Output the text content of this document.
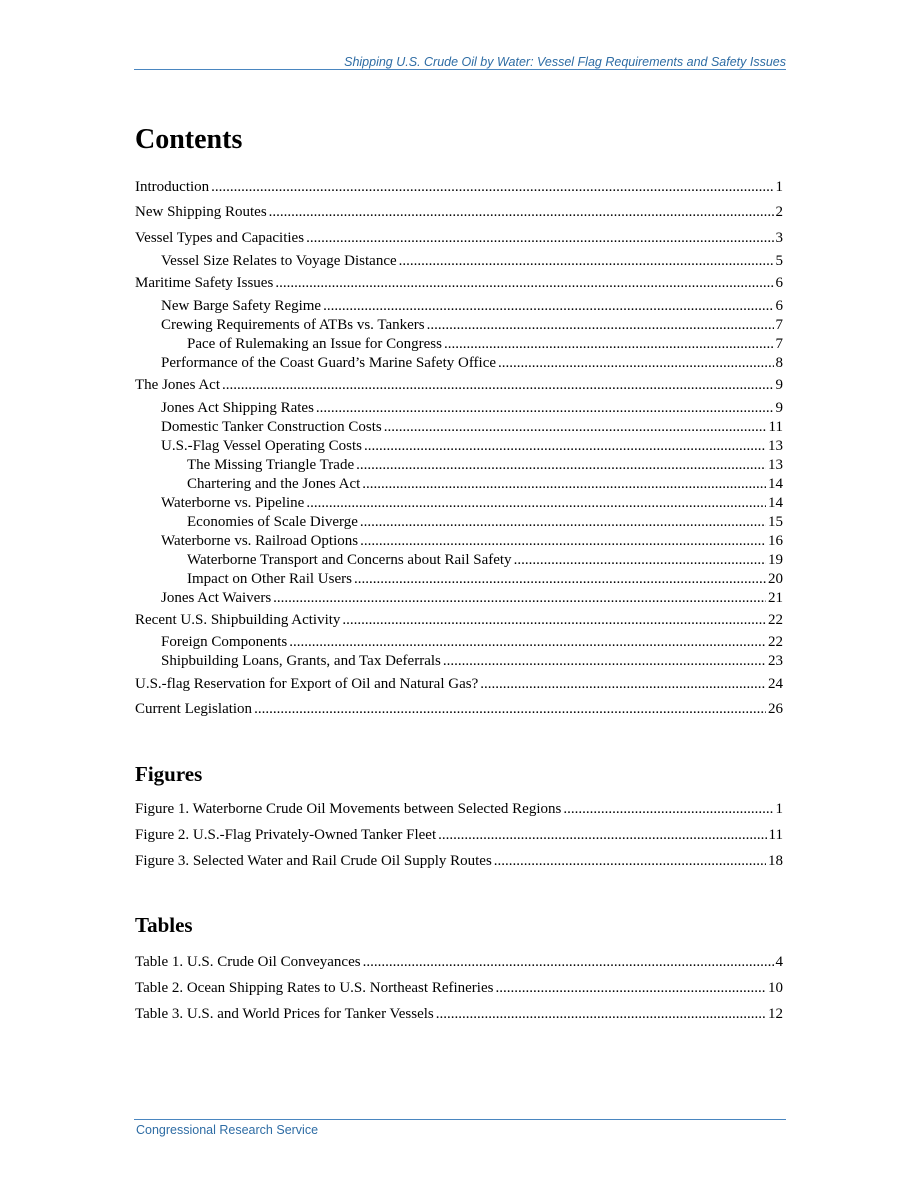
Shipping U.S. Crude Oil by Water: Vessel Flag Requirements and Safety Issues
Contents
Introduction .....	1
New Shipping Routes .....	2
Vessel Types and Capacities .....	3
Vessel Size Relates to Voyage Distance .....	5
Maritime Safety Issues .....	6
New Barge Safety Regime .....	6
Crewing Requirements of ATBs vs. Tankers .....	7
Pace of Rulemaking an Issue for Congress .....	7
Performance of the Coast Guard’s Marine Safety Office .....	8
The Jones Act .....	9
Jones Act Shipping Rates .....	9
Domestic Tanker Construction Costs .....	11
U.S.-Flag Vessel Operating Costs .....	13
The Missing Triangle Trade .....	13
Chartering and the Jones Act .....	14
Waterborne vs. Pipeline .....	14
Economies of Scale Diverge .....	15
Waterborne vs. Railroad Options .....	16
Waterborne Transport and Concerns about Rail Safety .....	19
Impact on Other Rail Users .....	20
Jones Act Waivers .....	21
Recent U.S. Shipbuilding Activity .....	22
Foreign Components .....	22
Shipbuilding Loans, Grants, and Tax Deferrals .....	23
U.S.-flag Reservation for Export of Oil and Natural Gas? .....	24
Current Legislation .....	26
Figures
Figure 1. Waterborne Crude Oil Movements between Selected Regions .....	1
Figure 2. U.S.-Flag Privately-Owned Tanker Fleet .....	11
Figure 3. Selected Water and Rail Crude Oil Supply Routes .....	18
Tables
Table 1. U.S. Crude Oil Conveyances .....	4
Table 2. Ocean Shipping Rates to U.S. Northeast Refineries .....	10
Table 3. U.S. and World Prices for Tanker Vessels .....	12
Congressional Research Service
